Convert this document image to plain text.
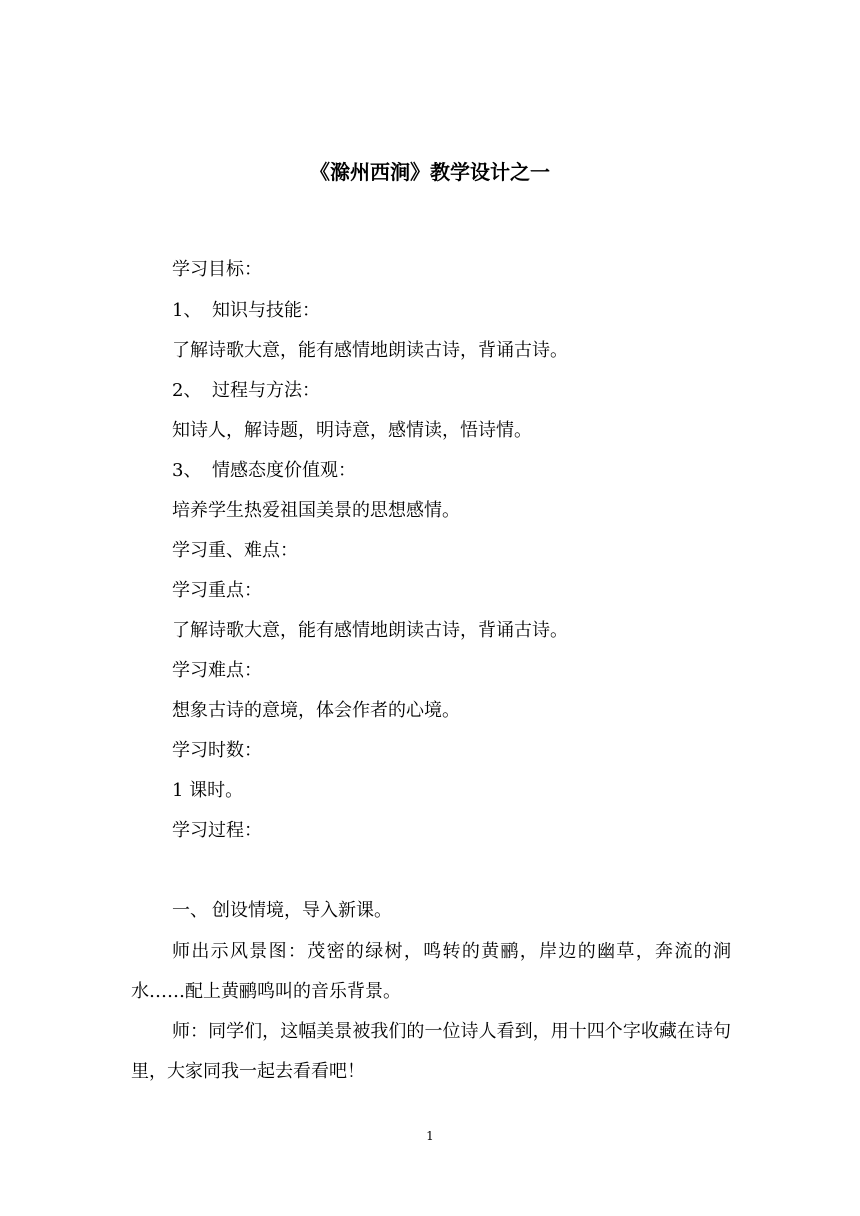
《滁州西涧》教学设计之一

学习目标：

1、 知识与技能：

了解诗歌大意，能有感情地朗读古诗，背诵古诗。

2、 过程与方法：

知诗人，解诗题，明诗意，感情读，悟诗情。

3、 情感态度价值观：

培养学生热爱祖国美景的思想感情。

学习重、难点：

学习重点：

了解诗歌大意，能有感情地朗读古诗，背诵古诗。

学习难点：

想象古诗的意境，体会作者的心境。

学习时数：

1 课时。

学习过程：

一、 创设情境，导入新课。

师出示风景图：茂密的绿树，鸣转的黄鹂，岸边的幽草，奔流的涧水……配上黄鹂鸣叫的音乐背景。

师：同学们，这幅美景被我们的一位诗人看到，用十四个字收藏在诗句里，大家同我一起去看看吧！

1
